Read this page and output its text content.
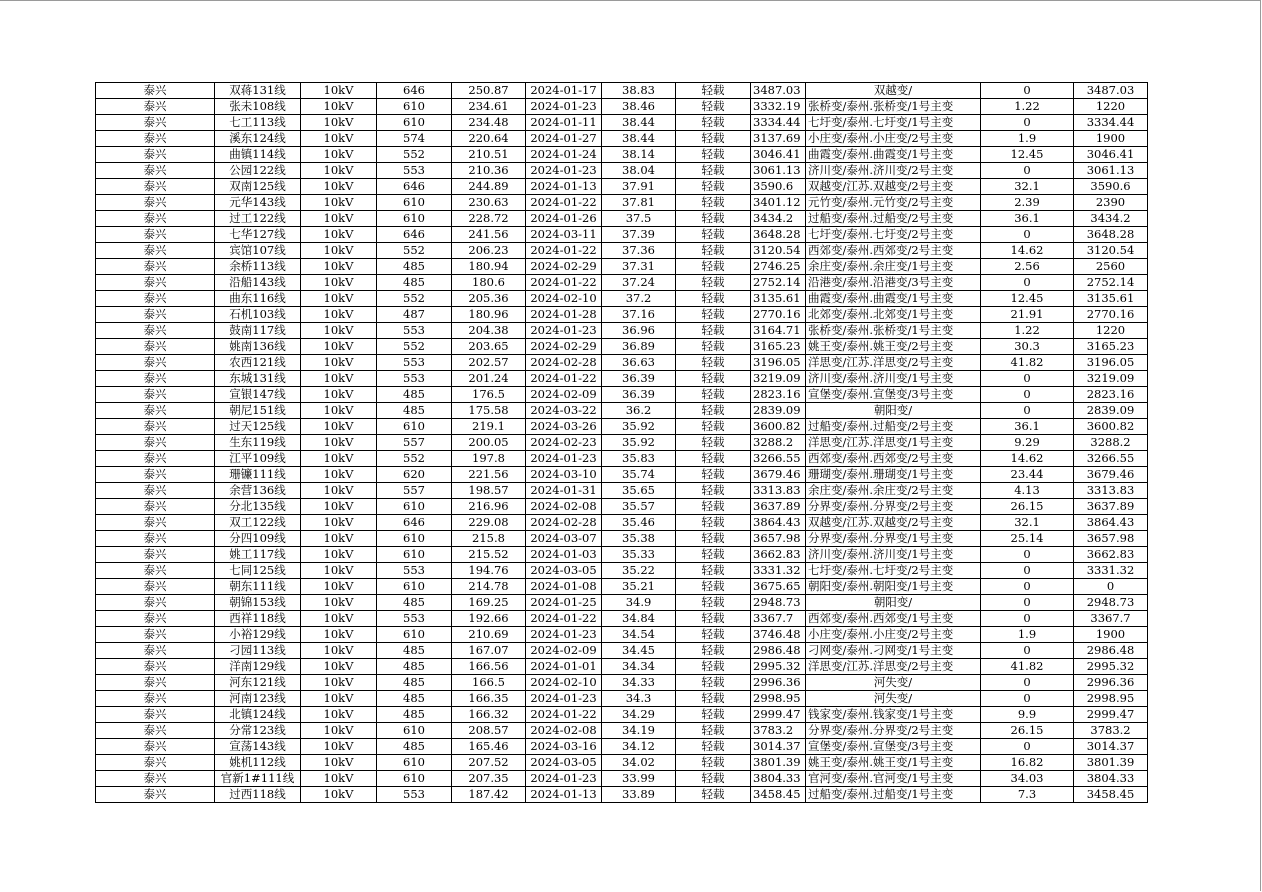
泰兴	双蒋131线	10kV	646	250.87	2024-01-17	38.83	轻载	3487.03	双越变/	0	3487.03
泰兴	张未108线	10kV	610	234.61	2024-01-23	38.46	轻载	3332.19	张桥变/泰州.张桥变/1号主变	1.22	1220
泰兴	七工113线	10kV	610	234.48	2024-01-11	38.44	轻载	3334.44	七圩变/泰州.七圩变/1号主变	0	3334.44
泰兴	溪东124线	10kV	574	220.64	2024-01-27	38.44	轻载	3137.69	小庄变/泰州.小庄变/2号主变	1.9	1900
泰兴	曲镇114线	10kV	552	210.51	2024-01-24	38.14	轻载	3046.41	曲霞变/泰州.曲霞变/1号主变	12.45	3046.41
泰兴	公园122线	10kV	553	210.36	2024-01-23	38.04	轻载	3061.13	济川变/泰州.济川变/2号主变	0	3061.13
泰兴	双南125线	10kV	646	244.89	2024-01-13	37.91	轻载	3590.6	双越变/江苏.双越变/2号主变	32.1	3590.6
泰兴	元华143线	10kV	610	230.63	2024-01-22	37.81	轻载	3401.12	元竹变/泰州.元竹变/2号主变	2.39	2390
泰兴	过工122线	10kV	610	228.72	2024-01-26	37.5	轻载	3434.2	过船变/泰州.过船变/2号主变	36.1	3434.2
泰兴	七华127线	10kV	646	241.56	2024-03-11	37.39	轻载	3648.28	七圩变/泰州.七圩变/2号主变	0	3648.28
泰兴	宾馆107线	10kV	552	206.23	2024-01-22	37.36	轻载	3120.54	西郊变/泰州.西郊变/2号主变	14.62	3120.54
泰兴	余桥113线	10kV	485	180.94	2024-02-29	37.31	轻载	2746.25	余庄变/泰州.余庄变/1号主变	2.56	2560
泰兴	沿船143线	10kV	485	180.6	2024-01-22	37.24	轻载	2752.14	沿港变/泰州.沿港变/3号主变	0	2752.14
泰兴	曲东116线	10kV	552	205.36	2024-02-10	37.2	轻载	3135.61	曲霞变/泰州.曲霞变/1号主变	12.45	3135.61
泰兴	石机103线	10kV	487	180.96	2024-01-28	37.16	轻载	2770.16	北郊变/泰州.北郊变/1号主变	21.91	2770.16
泰兴	鼓南117线	10kV	553	204.38	2024-01-23	36.96	轻载	3164.71	张桥变/泰州.张桥变/1号主变	1.22	1220
泰兴	姚南136线	10kV	552	203.65	2024-02-29	36.89	轻载	3165.23	姚王变/泰州.姚王变/2号主变	30.3	3165.23
泰兴	农西121线	10kV	553	202.57	2024-02-28	36.63	轻载	3196.05	洋思变/江苏.洋思变/2号主变	41.82	3196.05
泰兴	东城131线	10kV	553	201.24	2024-01-22	36.39	轻载	3219.09	济川变/泰州.济川变/1号主变	0	3219.09
泰兴	宣银147线	10kV	485	176.5	2024-02-09	36.39	轻载	2823.16	宣堡变/泰州.宣堡变/3号主变	0	2823.16
泰兴	朝尼151线	10kV	485	175.58	2024-03-22	36.2	轻载	2839.09	朝阳变/	0	2839.09
泰兴	过天125线	10kV	610	219.1	2024-03-26	35.92	轻载	3600.82	过船变/泰州.过船变/2号主变	36.1	3600.82
泰兴	生东119线	10kV	557	200.05	2024-02-23	35.92	轻载	3288.2	洋思变/江苏.洋思变/1号主变	9.29	3288.2
泰兴	江平109线	10kV	552	197.8	2024-01-23	35.83	轻载	3266.55	西郊变/泰州.西郊变/2号主变	14.62	3266.55
泰兴	珊镰111线	10kV	620	221.56	2024-03-10	35.74	轻载	3679.46	珊瑚变/泰州.珊瑚变/1号主变	23.44	3679.46
泰兴	余营136线	10kV	557	198.57	2024-01-31	35.65	轻载	3313.83	余庄变/泰州.余庄变/2号主变	4.13	3313.83
泰兴	分北135线	10kV	610	216.96	2024-02-08	35.57	轻载	3637.89	分界变/泰州.分界变/2号主变	26.15	3637.89
泰兴	双工122线	10kV	646	229.08	2024-02-28	35.46	轻载	3864.43	双越变/江苏.双越变/2号主变	32.1	3864.43
泰兴	分四109线	10kV	610	215.8	2024-03-07	35.38	轻载	3657.98	分界变/泰州.分界变/1号主变	25.14	3657.98
泰兴	姚工117线	10kV	610	215.52	2024-01-03	35.33	轻载	3662.83	济川变/泰州.济川变/1号主变	0	3662.83
泰兴	七同125线	10kV	553	194.76	2024-03-05	35.22	轻载	3331.32	七圩变/泰州.七圩变/2号主变	0	3331.32
泰兴	朝东111线	10kV	610	214.78	2024-01-08	35.21	轻载	3675.65	朝阳变/泰州.朝阳变/1号主变	0	0
泰兴	朝锦153线	10kV	485	169.25	2024-01-25	34.9	轻载	2948.73	朝阳变/	0	2948.73
泰兴	西祥118线	10kV	553	192.66	2024-01-22	34.84	轻载	3367.7	西郊变/泰州.西郊变/1号主变	0	3367.7
泰兴	小裕129线	10kV	610	210.69	2024-01-23	34.54	轻载	3746.48	小庄变/泰州.小庄变/2号主变	1.9	1900
泰兴	刁园113线	10kV	485	167.07	2024-02-09	34.45	轻载	2986.48	刁网变/泰州.刁网变/1号主变	0	2986.48
泰兴	洋南129线	10kV	485	166.56	2024-01-01	34.34	轻载	2995.32	洋思变/江苏.洋思变/2号主变	41.82	2995.32
泰兴	河东121线	10kV	485	166.5	2024-02-10	34.33	轻载	2996.36	河失变/	0	2996.36
泰兴	河南123线	10kV	485	166.35	2024-01-23	34.3	轻载	2998.95	河失变/	0	2998.95
泰兴	北镇124线	10kV	485	166.32	2024-01-22	34.29	轻载	2999.47	钱家变/泰州.钱家变/1号主变	9.9	2999.47
泰兴	分常123线	10kV	610	208.57	2024-02-08	34.19	轻载	3783.2	分界变/泰州.分界变/2号主变	26.15	3783.2
泰兴	宣荡143线	10kV	485	165.46	2024-03-16	34.12	轻载	3014.37	宣堡变/泰州.宣堡变/3号主变	0	3014.37
泰兴	姚机112线	10kV	610	207.52	2024-03-05	34.02	轻载	3801.39	姚王变/泰州.姚王变/1号主变	16.82	3801.39
泰兴	官新1#111线	10kV	610	207.35	2024-01-23	33.99	轻载	3804.33	官河变/泰州.官河变/1号主变	34.03	3804.33
泰兴	过西118线	10kV	553	187.42	2024-01-13	33.89	轻载	3458.45	过船变/泰州.过船变/1号主变	7.3	3458.45
